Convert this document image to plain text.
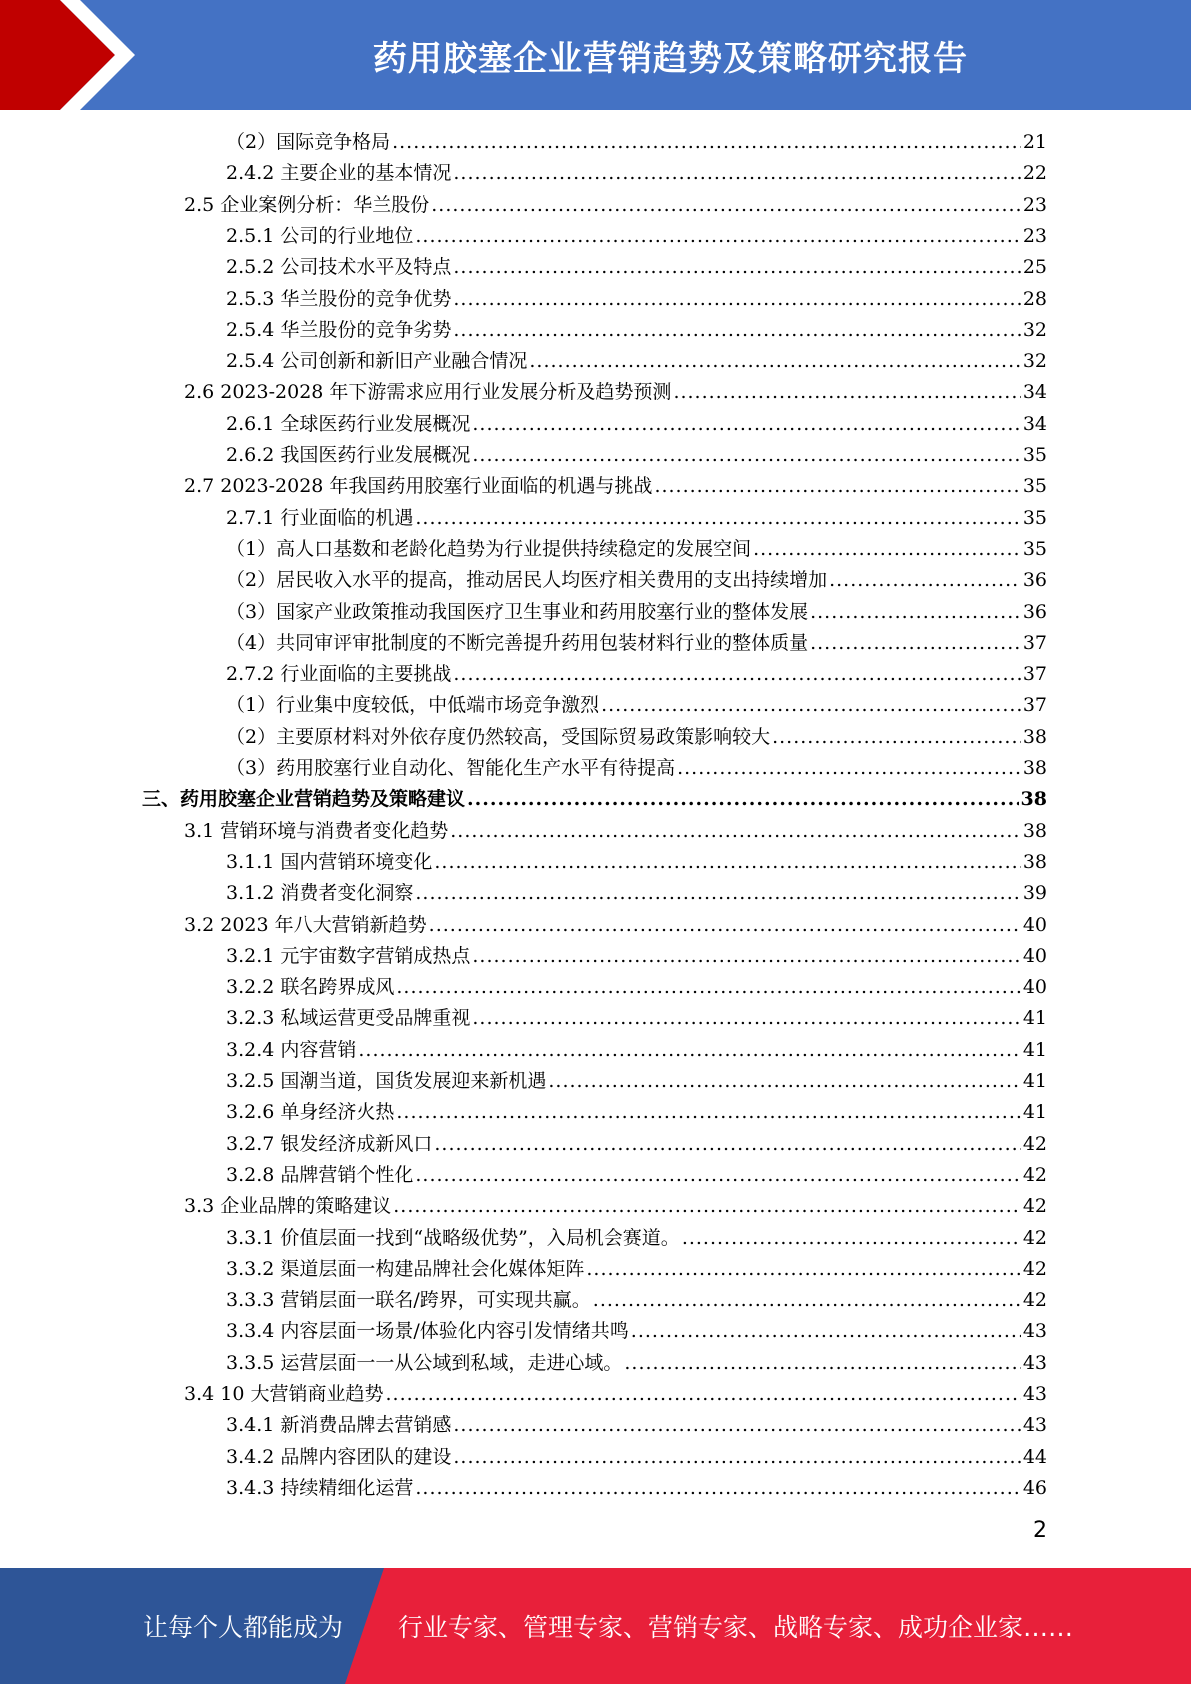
药用胶塞企业营销趋势及策略研究报告
（2）国际竞争格局 .....	21
2.4.2 主要企业的基本情况 .....	22
2.5 企业案例分析：华兰股份 .....	23
2.5.1 公司的行业地位 .....	23
2.5.2 公司技术水平及特点 .....	25
2.5.3 华兰股份的竞争优势 .....	28
2.5.4 华兰股份的竞争劣势 .....	32
2.5.4 公司创新和新旧产业融合情况 .....	32
2.6 2023-2028 年下游需求应用行业发展分析及趋势预测 .....	34
2.6.1 全球医药行业发展概况 .....	34
2.6.2 我国医药行业发展概况 .....	35
2.7 2023-2028 年我国药用胶塞行业面临的机遇与挑战 .....	35
2.7.1 行业面临的机遇 .....	35
（1）高人口基数和老龄化趋势为行业提供持续稳定的发展空间 .....	35
（2）居民收入水平的提高，推动居民人均医疗相关费用的支出持续增加 .....	36
（3）国家产业政策推动我国医疗卫生事业和药用胶塞行业的整体发展 .....	36
（4）共同审评审批制度的不断完善提升药用包装材料行业的整体质量 .....	37
2.7.2 行业面临的主要挑战 .....	37
（1）行业集中度较低，中低端市场竞争激烈 .....	37
（2）主要原材料对外依存度仍然较高，受国际贸易政策影响较大 .....	38
（3）药用胶塞行业自动化、智能化生产水平有待提高 .....	38
三、药用胶塞企业营销趋势及策略建议 .....	38
3.1 营销环境与消费者变化趋势 .....	38
3.1.1 国内营销环境变化 .....	38
3.1.2 消费者变化洞察 .....	39
3.2 2023 年八大营销新趋势 .....	40
3.2.1 元宇宙数字营销成热点 .....	40
3.2.2 联名跨界成风 .....	40
3.2.3 私域运营更受品牌重视 .....	41
3.2.4 内容营销 .....	41
3.2.5 国潮当道，国货发展迎来新机遇 .....	41
3.2.6 单身经济火热 .....	41
3.2.7 银发经济成新风口 .....	42
3.2.8 品牌营销个性化 .....	42
3.3 企业品牌的策略建议 .....	42
3.3.1 价值层面一找到“战略级优势”，入局机会赛道。 .....	42
3.3.2 渠道层面一构建品牌社会化媒体矩阵 .....	42
3.3.3 营销层面一联名/跨界，可实现共赢。 .....	42
3.3.4 内容层面一场景/体验化内容引发情绪共鸣 .....	43
3.3.5 运营层面一一从公域到私域，走进心域。 .....	43
3.4 10 大营销商业趋势 .....	43
3.4.1 新消费品牌去营销感 .....	43
3.4.2 品牌内容团队的建设 .....	44
3.4.3 持续精细化运营 .....	46
2
让每个人都能成为 行业专家、管理专家、营销专家、战略专家、成功企业家……
